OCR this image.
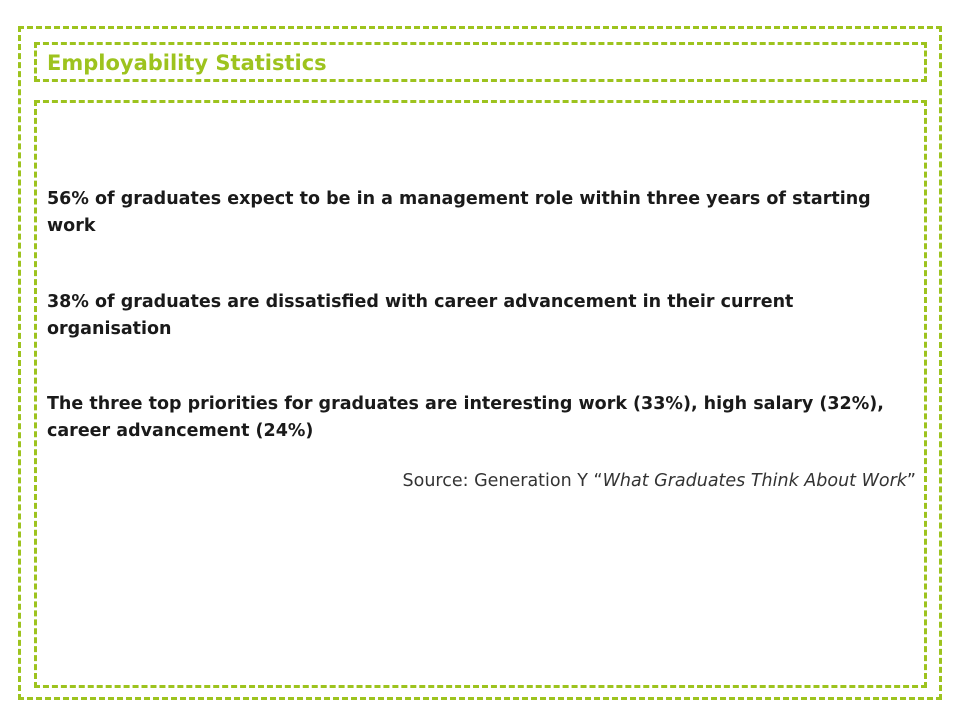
Employability Statistics

56% of graduates expect to be in a management role within three years of starting work

38% of graduates are dissatisfied with career advancement in their current organisation

The three top priorities for graduates are interesting work (33%), high salary (32%), career advancement (24%)

Source: Generation Y “What Graduates Think About Work”
